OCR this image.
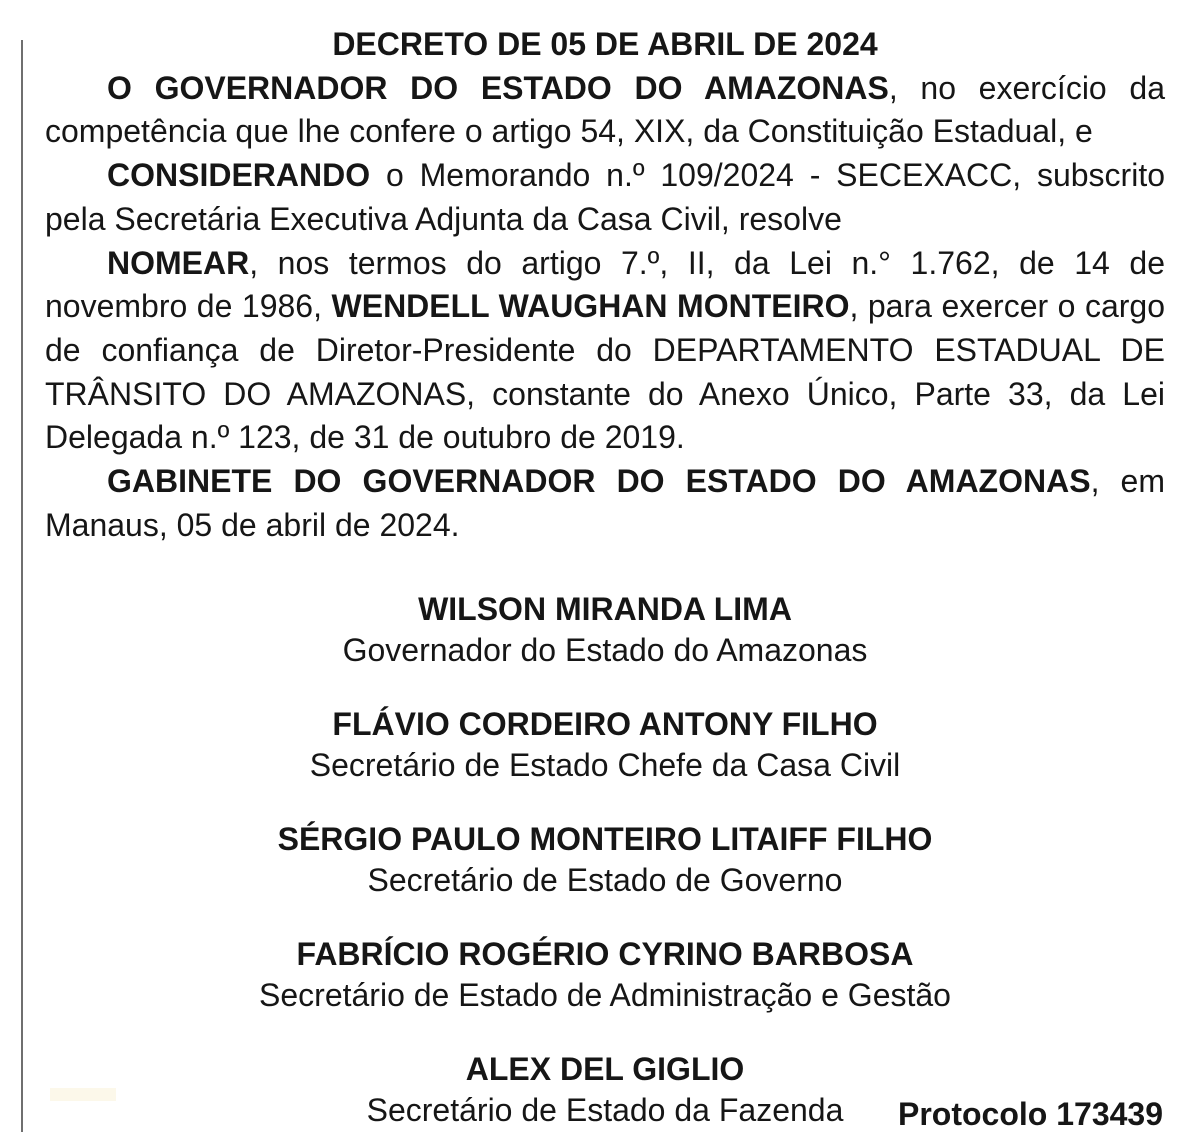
DECRETO DE 05 DE ABRIL DE 2024

O GOVERNADOR DO ESTADO DO AMAZONAS, no exercício da competência que lhe confere o artigo 54, XIX, da Constituição Estadual, e

CONSIDERANDO o Memorando n.º 109/2024 - SECEXACC, subscrito pela Secretária Executiva Adjunta da Casa Civil, resolve

NOMEAR, nos termos do artigo 7.º, II, da Lei n.° 1.762, de 14 de novembro de 1986, WENDELL WAUGHAN MONTEIRO, para exercer o cargo de confiança de Diretor-Presidente do DEPARTAMENTO ESTADUAL DE TRÂNSITO DO AMAZONAS, constante do Anexo Único, Parte 33, da Lei Delegada n.º 123, de 31 de outubro de 2019.

GABINETE DO GOVERNADOR DO ESTADO DO AMAZONAS, em Manaus, 05 de abril de 2024.

WILSON MIRANDA LIMA
Governador do Estado do Amazonas
FLÁVIO CORDEIRO ANTONY FILHO
Secretário de Estado Chefe da Casa Civil
SÉRGIO PAULO MONTEIRO LITAIFF FILHO
Secretário de Estado de Governo
FABRÍCIO ROGÉRIO CYRINO BARBOSA
Secretário de Estado de Administração e Gestão
ALEX DEL GIGLIO
Secretário de Estado da Fazenda	Protocolo 173439
